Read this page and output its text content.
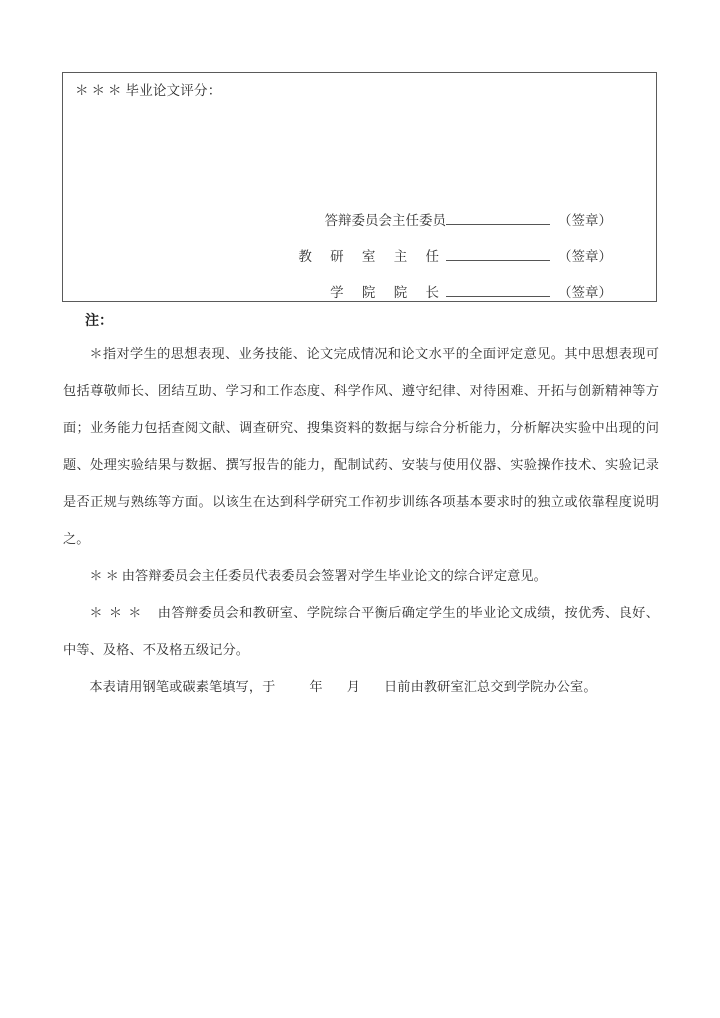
＊＊＊毕业论文评分：
答辩委员会主任委员	（签章）
教 研 室 主 任	（签章）
学 院 院 长	（签章）
注：

＊指对学生的思想表现、业务技能、论文完成情况和论文水平的全面评定意见。其中思想表现可包括尊敬师长、团结互助、学习和工作态度、科学作风、遵守纪律、对待困难、开拓与创新精神等方面；业务能力包括查阅文献、调查研究、搜集资料的数据与综合分析能力，分析解决实验中出现的问题、处理实验结果与数据、撰写报告的能力，配制试药、安装与使用仪器、实验操作技术、实验记录是否正规与熟练等方面。以该生在达到科学研究工作初步训练各项基本要求时的独立或依靠程度说明之。

＊＊由答辩委员会主任委员代表委员会签署对学生毕业论文的综合评定意见。

＊＊＊ 由答辩委员会和教研室、学院综合平衡后确定学生的毕业论文成绩，按优秀、良好、中等、及格、不及格五级记分。

本表请用钢笔或碳素笔填写，于	年 月 日前由教研室汇总交到学院办公室。
